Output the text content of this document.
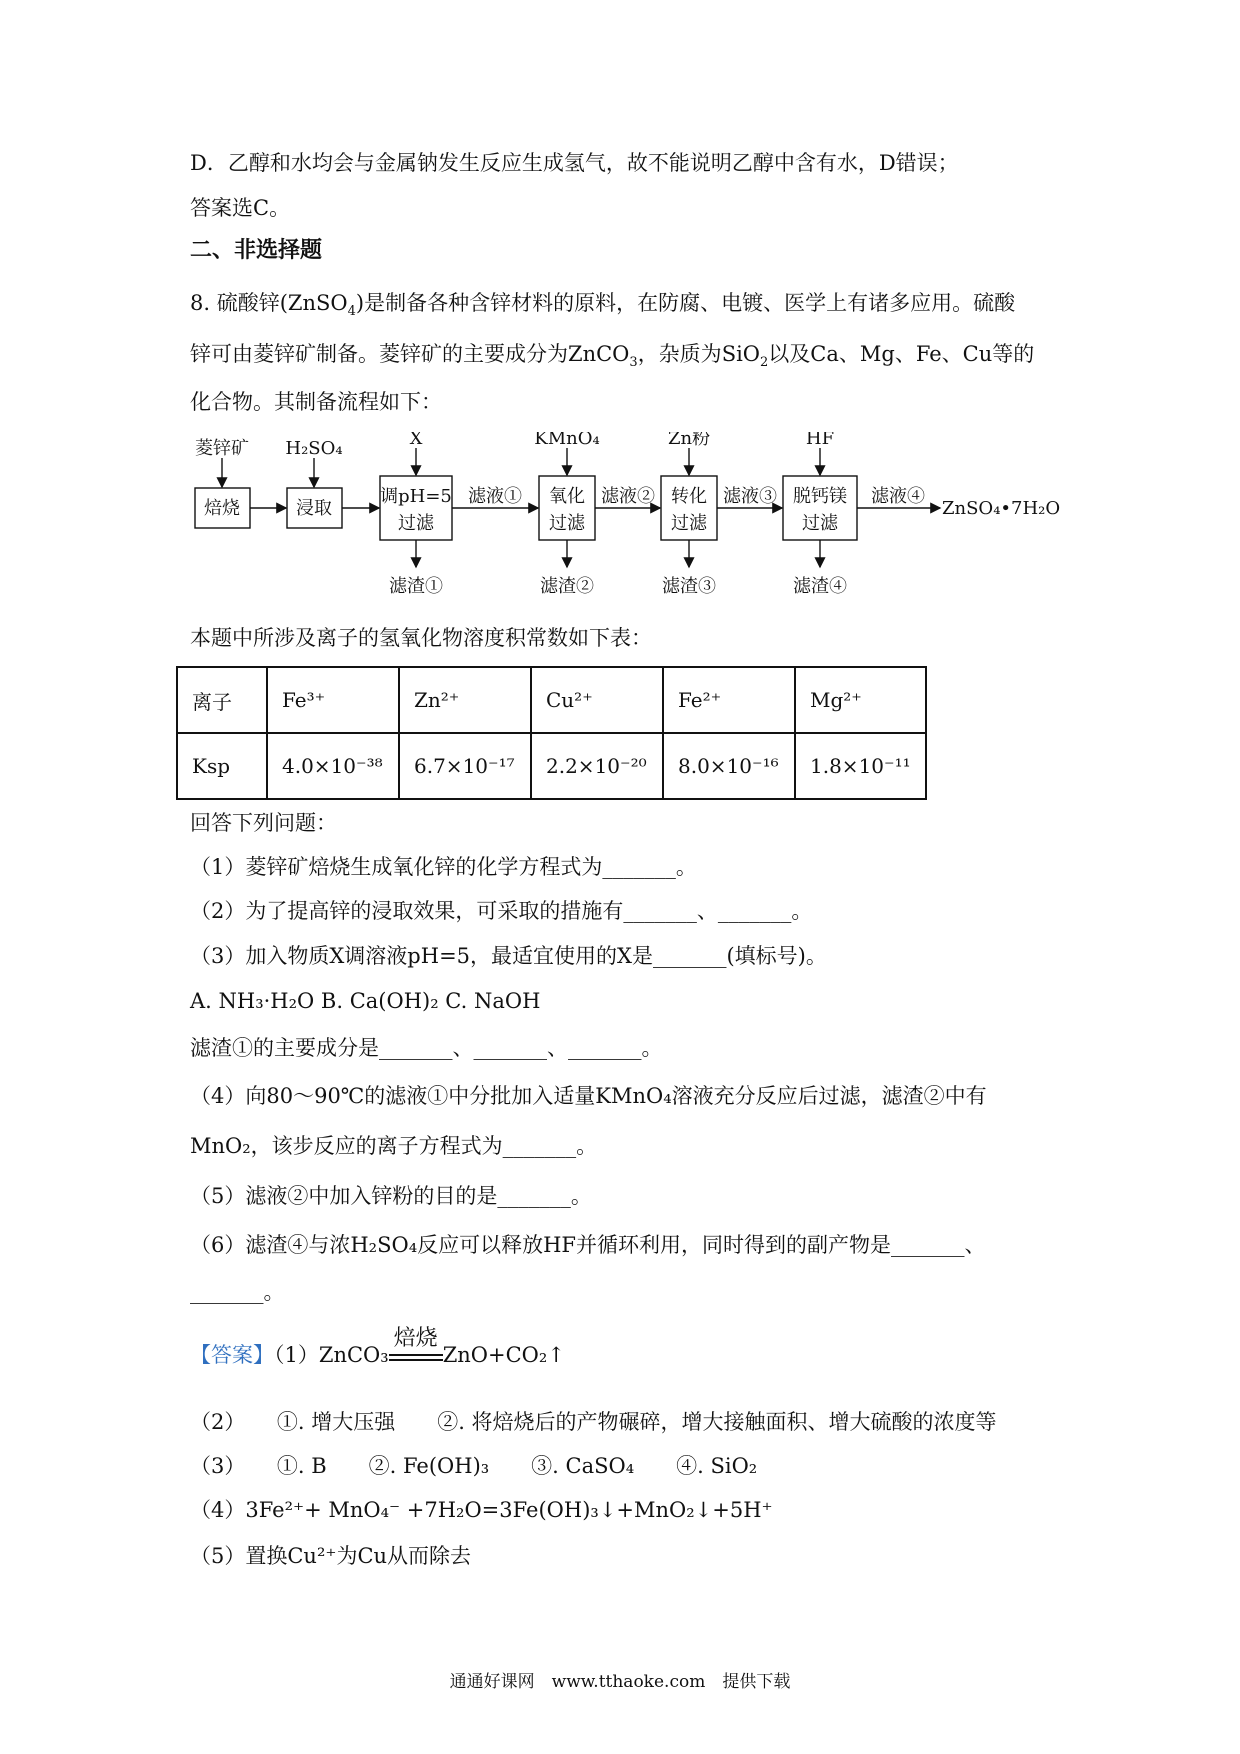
D．乙醇和水均会与金属钠发生反应生成氢气，故不能说明乙醇中含有水，D错误；
答案选C。
二、非选择题
8. 硫酸锌(ZnSO$_4$)是制备各种含锌材料的原料，在防腐、电镀、医学上有诸多应用。硫酸
锌可由菱锌矿制备。菱锌矿的主要成分为ZnCO$_3$，杂质为SiO$_2$以及Ca、Mg、Fe、Cu等的
化合物。其制备流程如下：
菱锌矿 H₂SO₄	X	KMnO₄	Zn粉	HF
焙烧	浸取
调pH=5
过滤
氧化
过滤
转化
过滤
脱钙镁
过滤
滤液①	滤液②	滤液③	滤液④
ZnSO₄•7H₂O
滤渣①	滤渣②	滤渣③	滤渣④
本题中所涉及离子的氢氧化物溶度积常数如下表：
离子	Fe³⁺	Zn²⁺	Cu²⁺	Fe²⁺	Mg²⁺
Ksp	4.0×10⁻³⁸	6.7×10⁻¹⁷	2.2×10⁻²⁰	8.0×10⁻¹⁶	1.8×10⁻¹¹
回答下列问题：
（1）菱锌矿焙烧生成氧化锌的化学方程式为_______。
（2）为了提高锌的浸取效果，可采取的措施有_______、_______。
（3）加入物质X调溶液pH=5，最适宜使用的X是_______(填标号)。
A. NH₃·H₂O B. Ca(OH)₂ C. NaOH
滤渣①的主要成分是_______、_______、_______。
（4）向80～90℃的滤液①中分批加入适量KMnO₄溶液充分反应后过滤，滤渣②中有
MnO₂，该步反应的离子方程式为_______。
（5）滤液②中加入锌粉的目的是_______。
（6）滤渣④与浓H₂SO₄反应可以释放HF并循环利用，同时得到的副产物是_______、
_______。
【答案】（1）ZnCO₃
焙烧
ZnO+CO₂↑
（2）　　①. 增大压强　　②. 将焙烧后的产物碾碎，增大接触面积、增大硫酸的浓度等
（3）　　①. B　　②. Fe(OH)₃　　③. CaSO₄　　④. SiO₂
（4）3Fe²⁺+ MnO₄⁻ +7H₂O=3Fe(OH)₃↓+MnO₂↓+5H⁺
（5）置换Cu²⁺为Cu从而除去
通通好课网　www.tthaoke.com　提供下载
